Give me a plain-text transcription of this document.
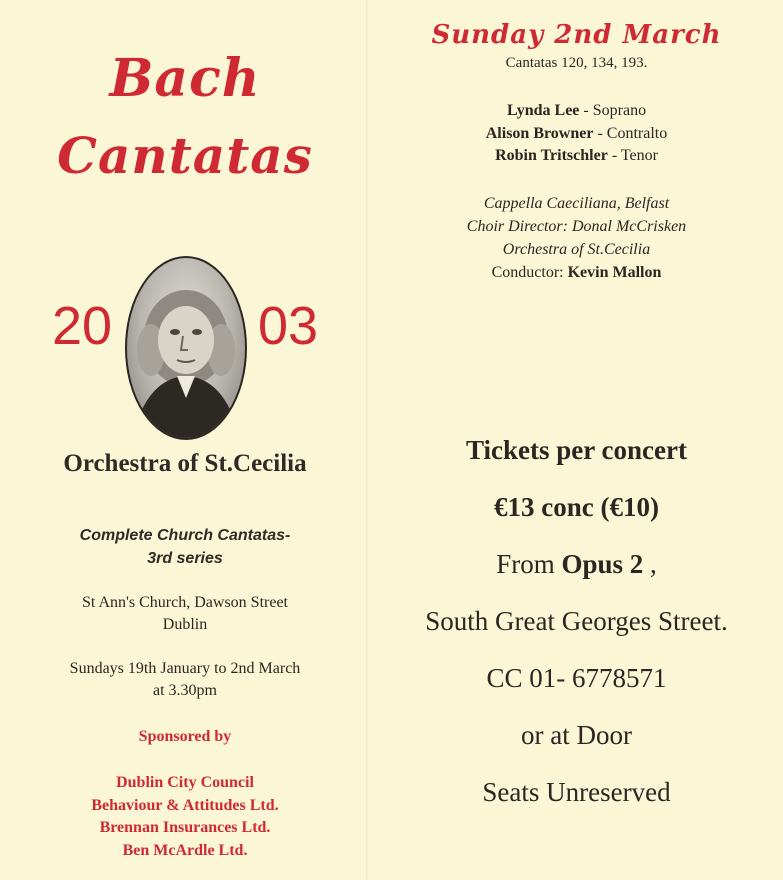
Bach
Cantatas
20	03
Orchestra of St.Cecilia
Complete Church Cantatas-
3rd series
St Ann's Church, Dawson Street
Dublin
Sundays 19th January to 2nd March
at 3.30pm
Sponsored by
Dublin City Council
Behaviour & Attitudes Ltd.
Brennan Insurances Ltd.
Ben McArdle Ltd.
Sunday 2nd March
Cantatas 120, 134, 193.
Lynda Lee - Soprano
Alison Browner - Contralto
Robin Tritschler - Tenor
Cappella Caeciliana, Belfast
Choir Director: Donal McCrisken
Orchestra of St.Cecilia
Conductor: Kevin Mallon
Tickets per concert
€13 conc (€10)
From Opus 2 ,
South Great Georges Street.
CC 01- 6778571
or at Door
Seats Unreserved
